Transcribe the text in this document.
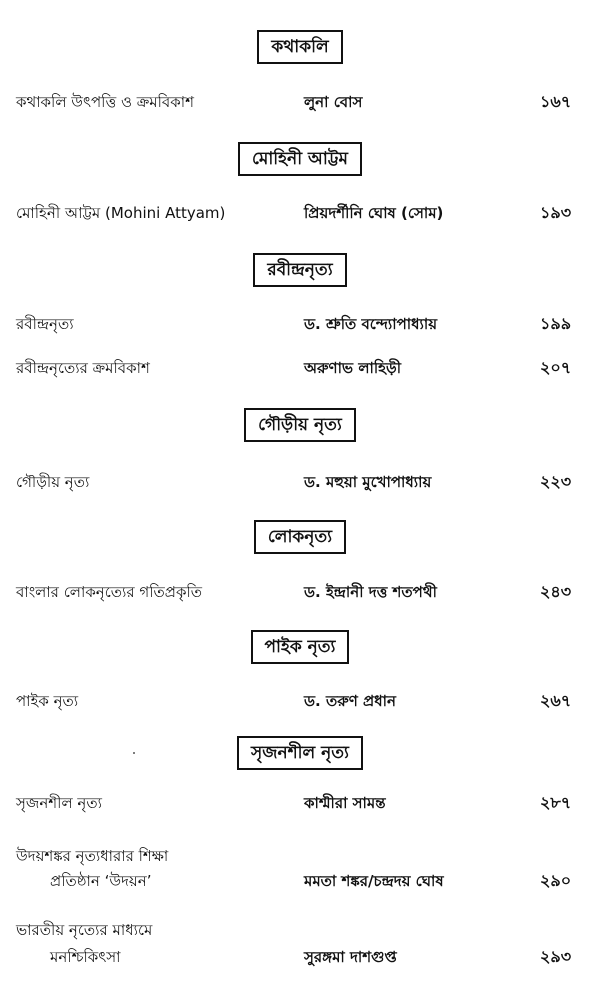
কথাকলি
কথাকলি উৎপত্তি ও ক্রমবিকাশ	লুনা বোস	১৬৭
মোহিনী আট্টম
মোহিনী আট্টম (Mohini Attyam)	প্রিয়দর্শীনি ঘোষ (সোম)	১৯৩
রবীন্দ্রনৃত্য
রবীন্দ্রনৃত্য	ড. শ্রুতি বন্দ্যোপাধ্যায়	১৯৯
রবীন্দ্রনৃত্যের ক্রমবিকাশ	অরুণাভ লাহিড়ী	২০৭
গৌড়ীয় নৃত্য
গৌড়ীয় নৃত্য	ড. মহুয়া মুখোপাধ্যায়	২২৩
লোকনৃত্য
বাংলার লোকনৃত্যের গতিপ্রকৃতি	ড. ইন্দ্রানী দত্ত শতপথী	২৪৩
পাইক নৃত্য
পাইক নৃত্য	ড. তরুণ প্রধান	২৬৭
সৃজনশীল নৃত্য
সৃজনশীল নৃত্য	কাশ্মীরা সামন্ত	২৮৭
উদয়শঙ্কর নৃত্যধারার শিক্ষা
প্রতিষ্ঠান ‘উদয়ন’	মমতা শঙ্কর/চন্দ্রদয় ঘোষ	২৯০
ভারতীয় নৃত্যের মাধ্যমে
মনশ্চিকিৎসা	সুরঙ্গমা দাশগুপ্ত	২৯৩
